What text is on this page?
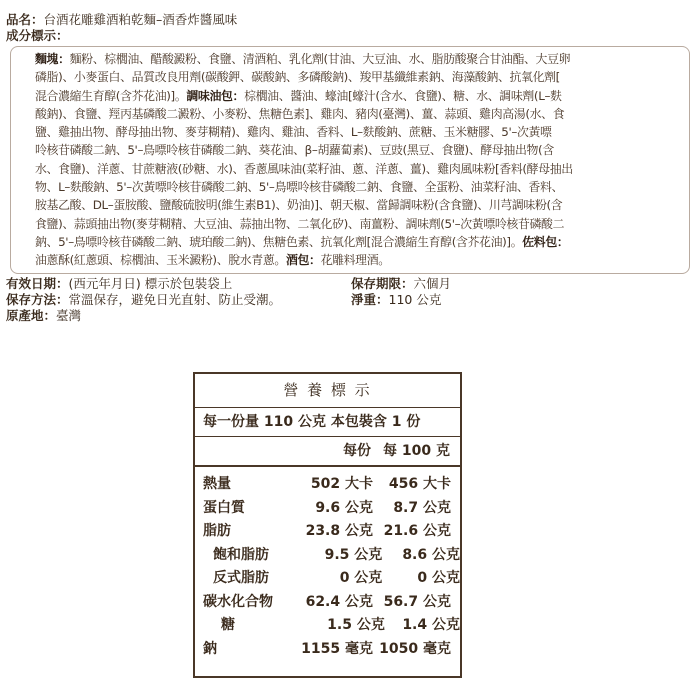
品名：台酒花雕雞酒粕乾麵–酒香炸醬風味
成分標示：
麵塊：麵粉、棕櫚油、醋酸澱粉、食鹽、清酒粕、乳化劑(甘油、大豆油、水、脂肪酸聚合甘油酯、大豆卵
磷脂)、小麥蛋白、品質改良用劑(碳酸鉀、碳酸鈉、多磷酸鈉)、羧甲基纖維素鈉、海藻酸鈉、抗氧化劑[
混合濃縮生育醇(含芥花油)]。調味油包：棕櫚油、醬油、蠔油[蠔汁(含水、食鹽)、糖、水、調味劑(L–麩
酸鈉)、食鹽、羥丙基磷酸二澱粉、小麥粉、焦糖色素]、雞肉、豬肉(臺灣)、薑、蒜頭、雞肉高湯(水、食
鹽、雞抽出物、酵母抽出物、麥芽糊精)、雞肉、雞油、香料、L–麩酸鈉、蔗糖、玉米糖膠、5'–次黃嘌
呤核苷磷酸二鈉、5'–鳥嘌呤核苷磷酸二鈉、葵花油、β–胡蘿蔔素)、豆豉(黑豆、食鹽)、酵母抽出物(含
水、食鹽)、洋蔥、甘蔗糖液(砂糖、水)、香蔥風味油(菜籽油、蔥、洋蔥、薑)、雞肉風味粉[香料(酵母抽出
物、L–麩酸鈉、5'–次黃嘌呤核苷磷酸二鈉、5'–鳥嘌呤核苷磷酸二鈉、食鹽、全蛋粉、油菜籽油、香料、
胺基乙酸、DL–蛋胺酸、鹽酸硫胺明(維生素B1)、奶油)]、朝天椒、當歸調味粉(含食鹽)、川芎調味粉(含
食鹽)、蒜頭抽出物(麥芽糊精、大豆油、蒜抽出物、二氧化矽)、南薑粉、調味劑(5'–次黃嘌呤核苷磷酸二
鈉、5'–鳥嘌呤核苷磷酸二鈉、琥珀酸二鈉)、焦糖色素、抗氧化劑[混合濃縮生育醇(含芥花油)]。佐料包：
油蔥酥(紅蔥頭、棕櫚油、玉米澱粉)、脫水青蔥。酒包：花雕料理酒。
有效日期：(西元年月日) 標示於包裝袋上	保存期限：六個月
保存方法：常溫保存，避免日光直射、防止受潮。	淨重：110 公克
原產地：臺灣
營 養 標 示
每一份量 110 公克 本包裝含 1 份
每份 每 100 克
熱量	502 大卡	456 大卡
蛋白質	9.6 公克	8.7 公克
脂肪	23.8 公克 21.6 公克
飽和脂肪	9.5 公克	8.6 公克
反式脂肪	0 公克	0 公克
碳水化合物	62.4 公克 56.7 公克
糖	1.5 公克	1.4 公克
鈉	1155 毫克 1050 毫克
